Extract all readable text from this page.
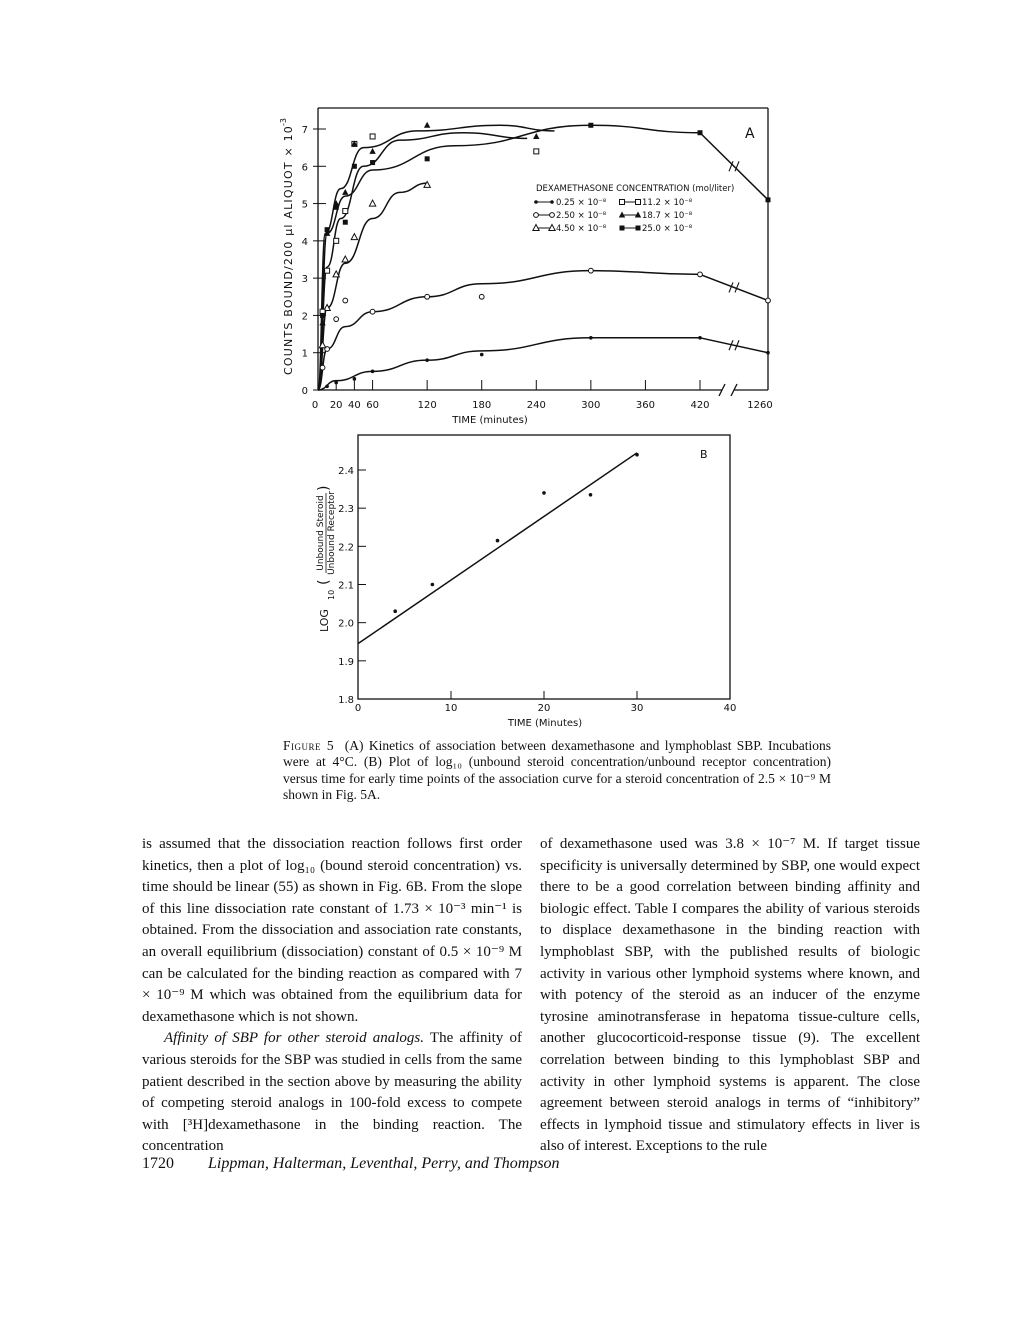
0 20 40 60	120	180	240	300	360	420	1260
0
1
2
3
4
5
6
7	A
TIME (minutes)
COUNTS BOUND/200 µl ALIQUOT × 10
-3
DEXAMETHASONE CONCENTRATION (mol/liter)
0.25 × 10⁻⁸	11.2 × 10⁻⁸
2.50 × 10⁻⁸	18.7 × 10⁻⁸
4.50 × 10⁻⁸	25.0 × 10⁻⁸
0	10	20	30	40
1.8
1.9
2.0
2.1
2.2
2.3
2.4
B
TIME (Minutes)
LOG
10
(
Unbound Steroid Unbound Receptor
)

Figure 5 (A) Kinetics of association between dexamethasone and lymphoblast SBP. Incubations were at 4°C. (B) Plot of log₁₀ (unbound steroid concentration/unbound receptor concentration) versus time for early time points of the association curve for a steroid concentration of 2.5 × 10⁻⁹ M shown in Fig. 5A.

is assumed that the dissociation reaction follows first order kinetics, then a plot of log₁₀ (bound steroid concentration) vs. time should be linear (55) as shown in Fig. 6B. From the slope of this line dissociation rate constant of 1.73 × 10⁻³ min⁻¹ is obtained. From the dissociation and association rate constants, an overall equilibrium (dissociation) constant of 0.5 × 10⁻⁹ M can be calculated for the binding reaction as compared with 7 × 10⁻⁹ M which was obtained from the equilibrium data for dexamethasone which is not shown.

Affinity of SBP for other steroid analogs. The affinity of various steroids for the SBP was studied in cells from the same patient described in the section above by measuring the ability of competing steroid analogs in 100-fold excess to compete with [³H]dexamethasone in the binding reaction. The concentration

of dexamethasone used was 3.8 × 10⁻⁷ M. If target tissue specificity is universally determined by SBP, one would expect there to be a good correlation between binding affinity and biologic effect. Table I compares the ability of various steroids to displace dexamethasone in the binding reaction with lymphoblast SBP, with the published results of biologic activity in various other lymphoid systems where known, and with potency of the steroid as an inducer of the enzyme tyrosine aminotransferase in hepatoma tissue-culture cells, another glucocorticoid-response tissue (9). The excellent correlation between binding to this lymphoblast SBP and activity in other lymphoid systems is apparent. The close agreement between steroid analogs in terms of “inhibitory” effects in lymphoid tissue and stimulatory effects in liver is also of interest. Exceptions to the rule

1720 Lippman, Halterman, Leventhal, Perry, and Thompson
